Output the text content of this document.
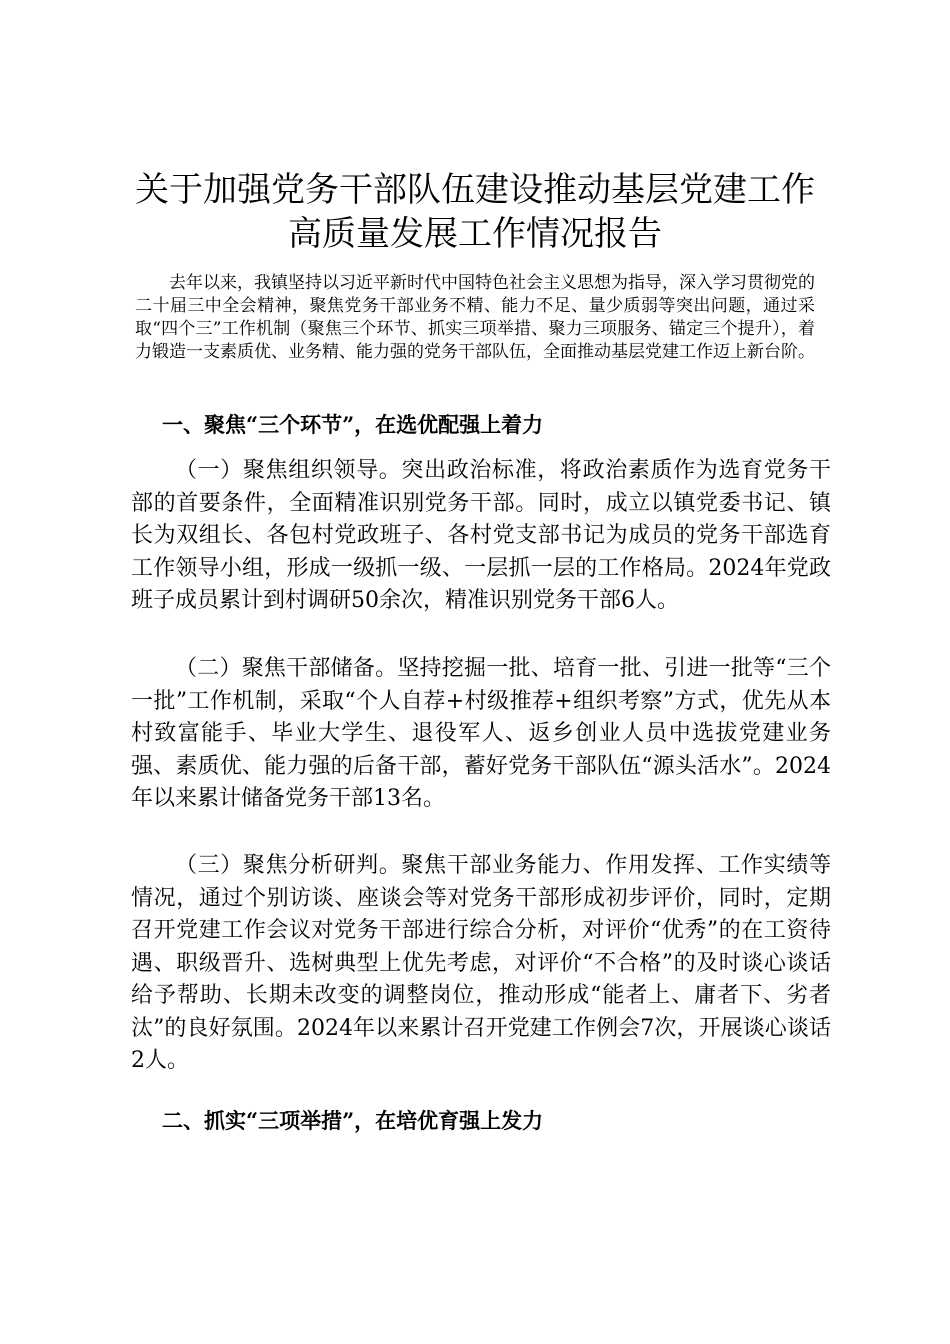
关于加强党务干部队伍建设推动基层党建工作
高质量发展工作情况报告

去年以来，我镇坚持以习近平新时代中国特色社会主义思想为指导，深入学习贯彻党的二十届三中全会精神，聚焦党务干部业务不精、能力不足、量少质弱等突出问题，通过采取“四个三”工作机制（聚焦三个环节、抓实三项举措、聚力三项服务、锚定三个提升），着力锻造一支素质优、业务精、能力强的党务干部队伍，全面推动基层党建工作迈上新台阶。

一、聚焦“三个环节”，在选优配强上着力

（一）聚焦组织领导。突出政治标准，将政治素质作为选育党务干部的首要条件，全面精准识别党务干部。同时，成立以镇党委书记、镇长为双组长、各包村党政班子、各村党支部书记为成员的党务干部选育工作领导小组，形成一级抓一级、一层抓一层的工作格局。2024年党政班子成员累计到村调研50余次，精准识别党务干部6人。

（二）聚焦干部储备。坚持挖掘一批、培育一批、引进一批等“三个一批”工作机制，采取“个人自荐+村级推荐+组织考察”方式，优先从本村致富能手、毕业大学生、退役军人、返乡创业人员中选拔党建业务强、素质优、能力强的后备干部，蓄好党务干部队伍“源头活水”。2024年以来累计储备党务干部13名。

（三）聚焦分析研判。聚焦干部业务能力、作用发挥、工作实绩等情况，通过个别访谈、座谈会等对党务干部形成初步评价，同时，定期召开党建工作会议对党务干部进行综合分析，对评价“优秀”的在工资待遇、职级晋升、选树典型上优先考虑，对评价“不合格”的及时谈心谈话给予帮助、长期未改变的调整岗位，推动形成“能者上、庸者下、劣者汰”的良好氛围。2024年以来累计召开党建工作例会7次，开展谈心谈话2人。

二、抓实“三项举措”，在培优育强上发力
